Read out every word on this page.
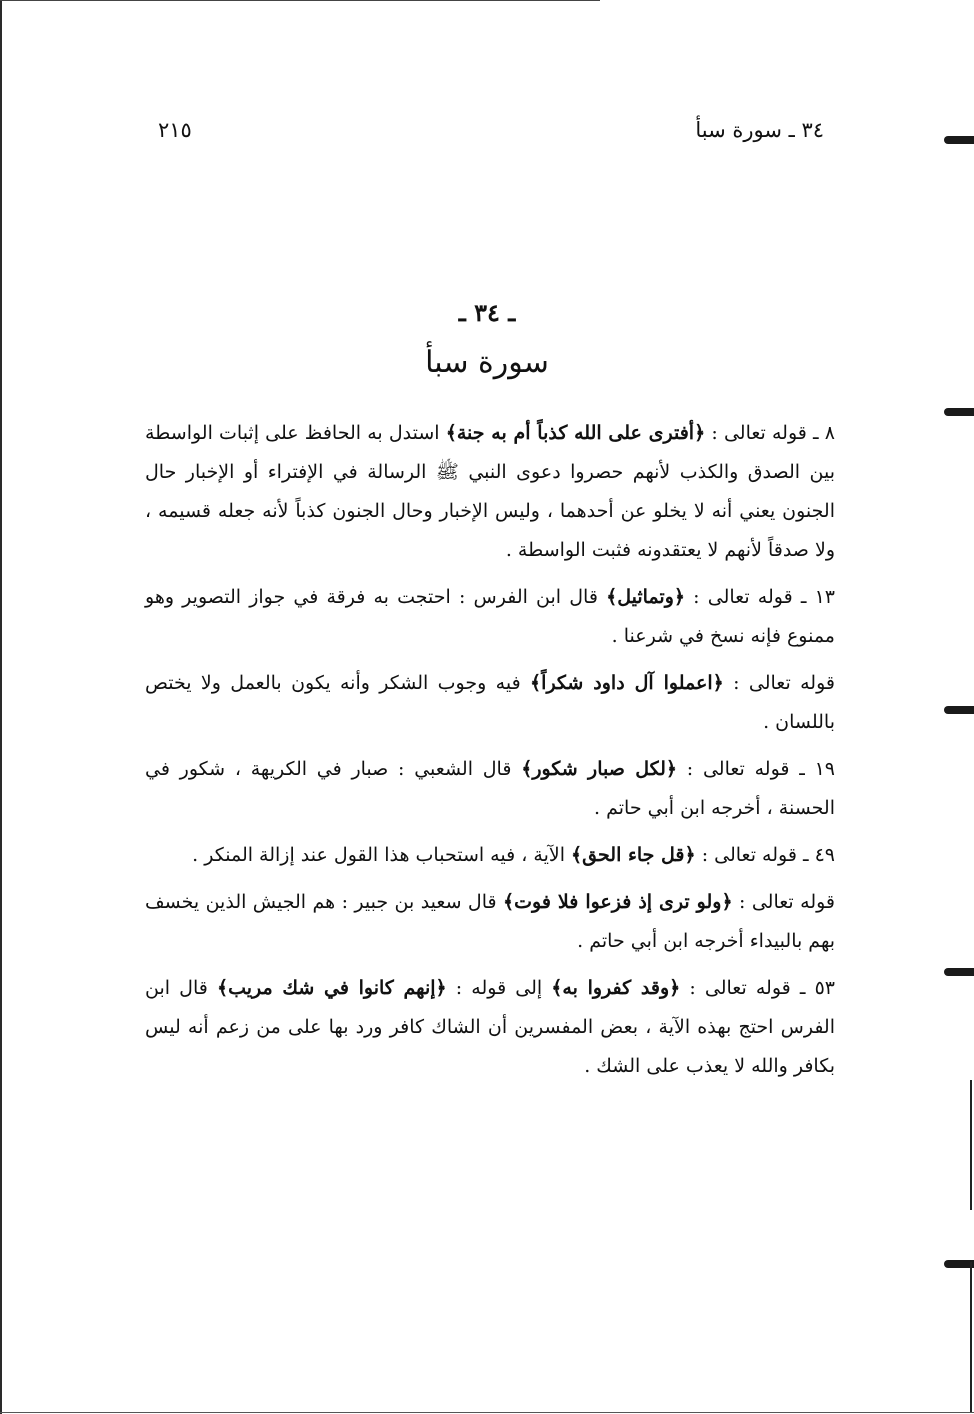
٣٤ ـ سورة سبأ
٢١٥
ـ ٣٤ ـ
سورة سبأ

٨ ـ قوله تعالى : ﴿أفترى على الله كذباً أم به جنة﴾ استدل به الحافظ على إثبات الواسطة بين الصدق والكذب لأنهم حصروا دعوى النبي ﷺ الرسالة في الإفتراء أو الإخبار حال الجنون يعني أنه لا يخلو عن أحدهما ، وليس الإخبار وحال الجنون كذباً لأنه جعله قسيمه ، ولا صدقاً لأنهم لا يعتقدونه فثبت الواسطة .

١٣ ـ قوله تعالى : ﴿وتماثيل﴾ قال ابن الفرس : احتجت به فرقة في جواز التصوير وهو ممنوع فإنه نسخ في شرعنا .

قوله تعالى : ﴿اعملوا آل داود شكراً﴾ فيه وجوب الشكر وأنه يكون بالعمل ولا يختص باللسان .

١٩ ـ قوله تعالى : ﴿لكل صبار شكور﴾ قال الشعبي : صبار في الكريهة ، شكور في الحسنة ، أخرجه ابن أبي حاتم .

٤٩ ـ قوله تعالى : ﴿قل جاء الحق﴾ الآية ، فيه استحباب هذا القول عند إزالة المنكر .

قوله تعالى : ﴿ولو ترى إذ فزعوا فلا فوت﴾ قال سعيد بن جبير : هم الجيش الذين يخسف بهم بالبيداء أخرجه ابن أبي حاتم .

٥٣ ـ قوله تعالى : ﴿وقد كفروا به﴾ إلى قوله : ﴿إنهم كانوا في شك مريب﴾ قال ابن الفرس احتج بهذه الآية ، بعض المفسرين أن الشاك كافر ورد بها على من زعم أنه ليس بكافر والله لا يعذب على الشك .
